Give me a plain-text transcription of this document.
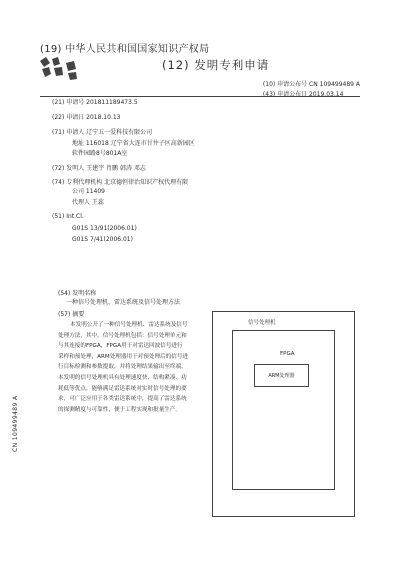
(19) 中华人民共和国国家知识产权局
(12) 发明专利申请
(10) 申请公布号 CN 109499489 A
(43) 申请公布日 2019.03.14
(21) 申请号 201811189473.5
(22) 申请日 2018.10.13
(71) 申请人 辽宁五一爱科技有限公司
地址 116018 辽宁省大连市甘井子区高新园区
软件园路8号801A室
(72) 发明人 王建宇 肖鹏 韩涛 邓志
(74) 专利代理机构 北京德恒律治知识产权代理有限
公司 11409
代理人 王蕊
(51) Int.Cl.
G01S 13/91(2006.01)
G01S 7/41(2006.01)
(54) 发明名称
一种信号处理机、雷达系统及信号处理方法
(57) 摘要
本发明公开了一种信号处理机、雷达系统及信号处理方法，其中，信号处理机包括：信号处理单元和与其连接的FPGA，FPGA用于对雷达回波信号进行采样和预处理，ARM处理器用于对预处理后的信号进行目标检测和参数提取，并将处理结果输出至终端。本发明的信号处理机具有处理速度快、结构紧凑、功耗低等优点，能够满足雷达系统对实时信号处理的要求，可广泛应用于各类雷达系统中，提高了雷达系统的探测精度与可靠性，便于工程实现和批量生产。
信号处理机
FPGA
ARM处理器
CN 109499489 A
